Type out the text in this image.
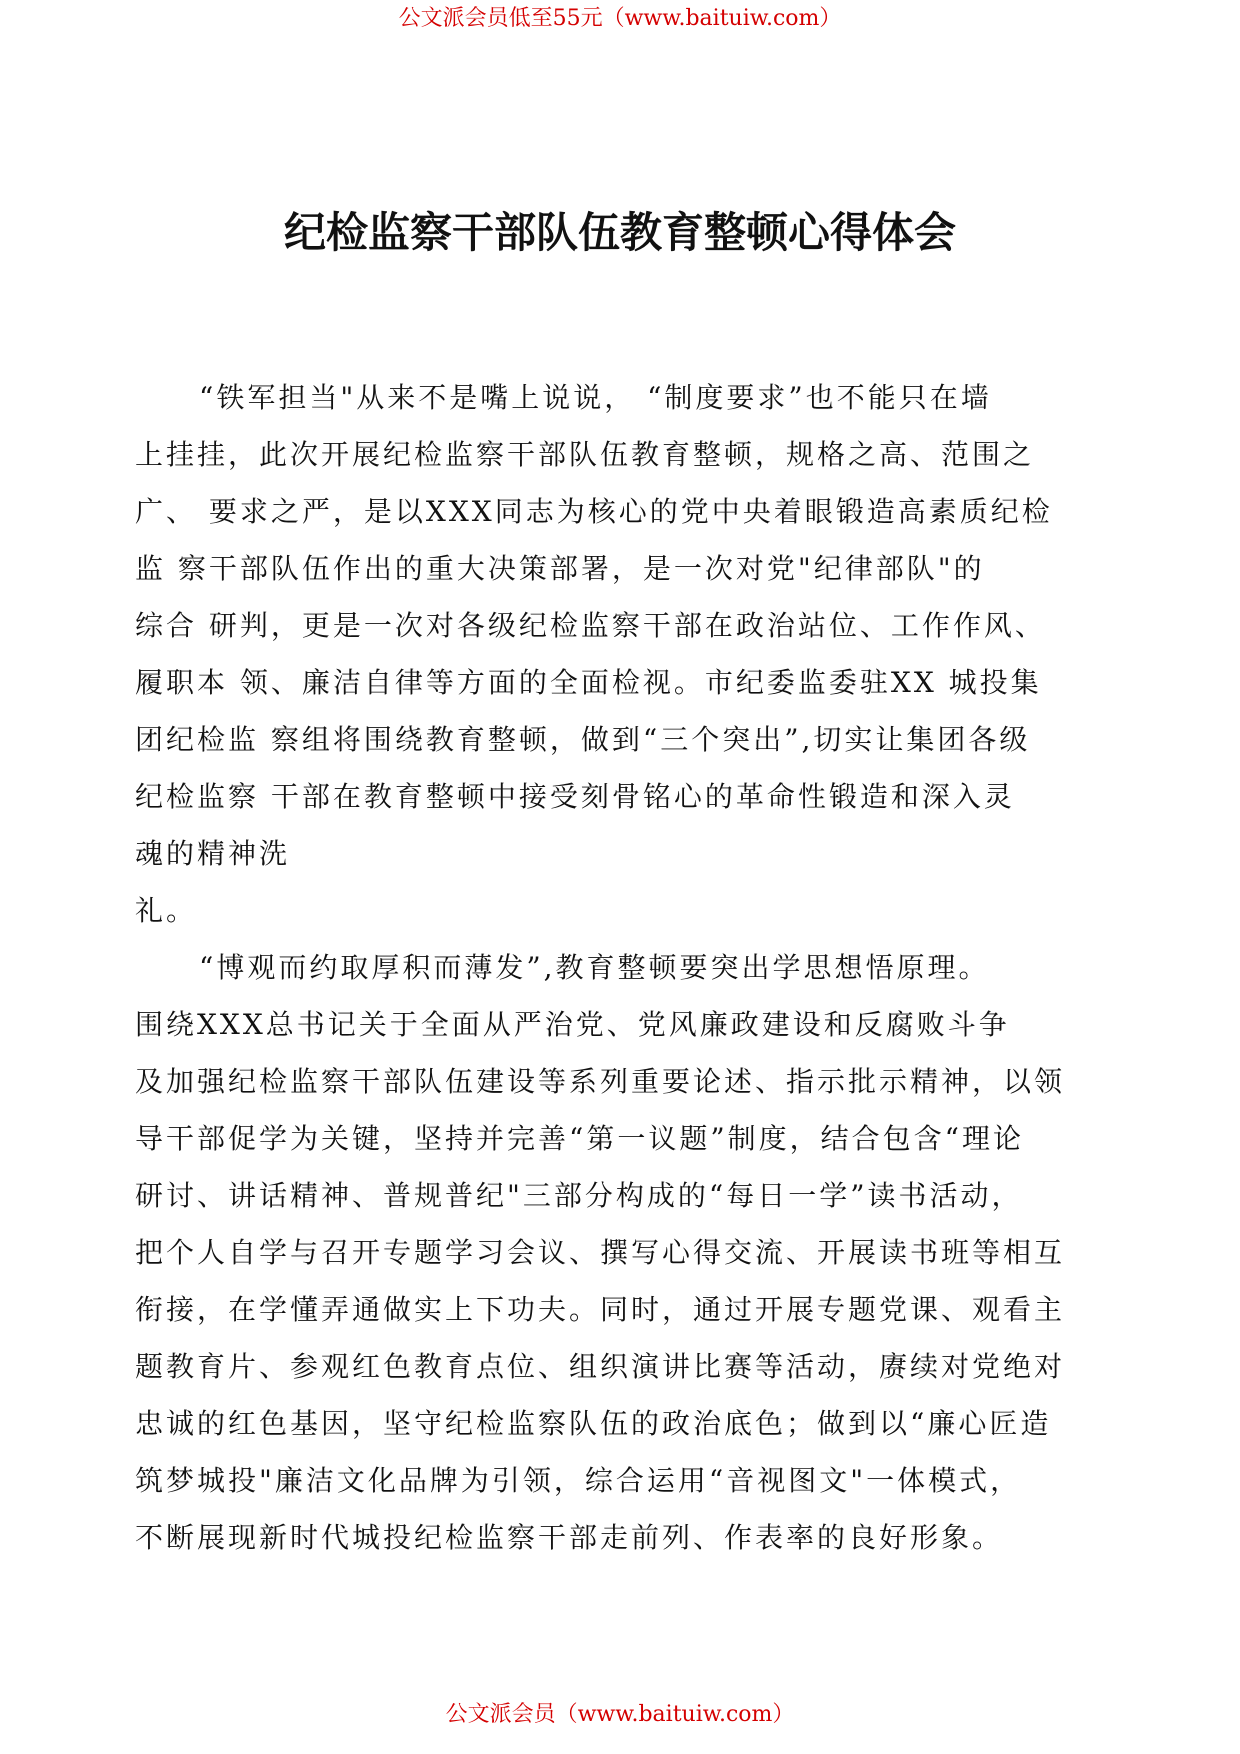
公文派会员低至55元（www.baituiw.com）
纪检监察干部队伍教育整顿心得体会
“铁军担当"从来不是嘴上说说， “制度要求”也不能只在墙
上挂挂，此次开展纪检监察干部队伍教育整顿，规格之高、范围之
广、 要求之严，是以XXX同志为核心的党中央着眼锻造高素质纪检
监 察干部队伍作出的重大决策部署，是一次对党"纪律部队"的
综合 研判，更是一次对各级纪检监察干部在政治站位、工作作风、
履职本 领、廉洁自律等方面的全面检视。市纪委监委驻XX 城投集
团纪检监 察组将围绕教育整顿，做到“三个突出”,切实让集团各级
纪检监察 干部在教育整顿中接受刻骨铭心的革命性锻造和深入灵
魂的精神洗
礼。
“博观而约取厚积而薄发”,教育整顿要突出学思想悟原理。
围绕XXX总书记关于全面从严治党、党风廉政建设和反腐败斗争
及加强纪检监察干部队伍建设等系列重要论述、指示批示精神，以领
导干部促学为关键，坚持并完善“第一议题”制度，结合包含“理论
研讨、讲话精神、普规普纪"三部分构成的“每日一学”读书活动，
把个人自学与召开专题学习会议、撰写心得交流、开展读书班等相互
衔接，在学懂弄通做实上下功夫。同时，通过开展专题党课、观看主
题教育片、参观红色教育点位、组织演讲比赛等活动，赓续对党绝对
忠诚的红色基因，坚守纪检监察队伍的政治底色；做到以“廉心匠造
筑梦城投"廉洁文化品牌为引领，综合运用“音视图文"一体模式，
不断展现新时代城投纪检监察干部走前列、作表率的良好形象。
公文派会员（www.baituiw.com）
